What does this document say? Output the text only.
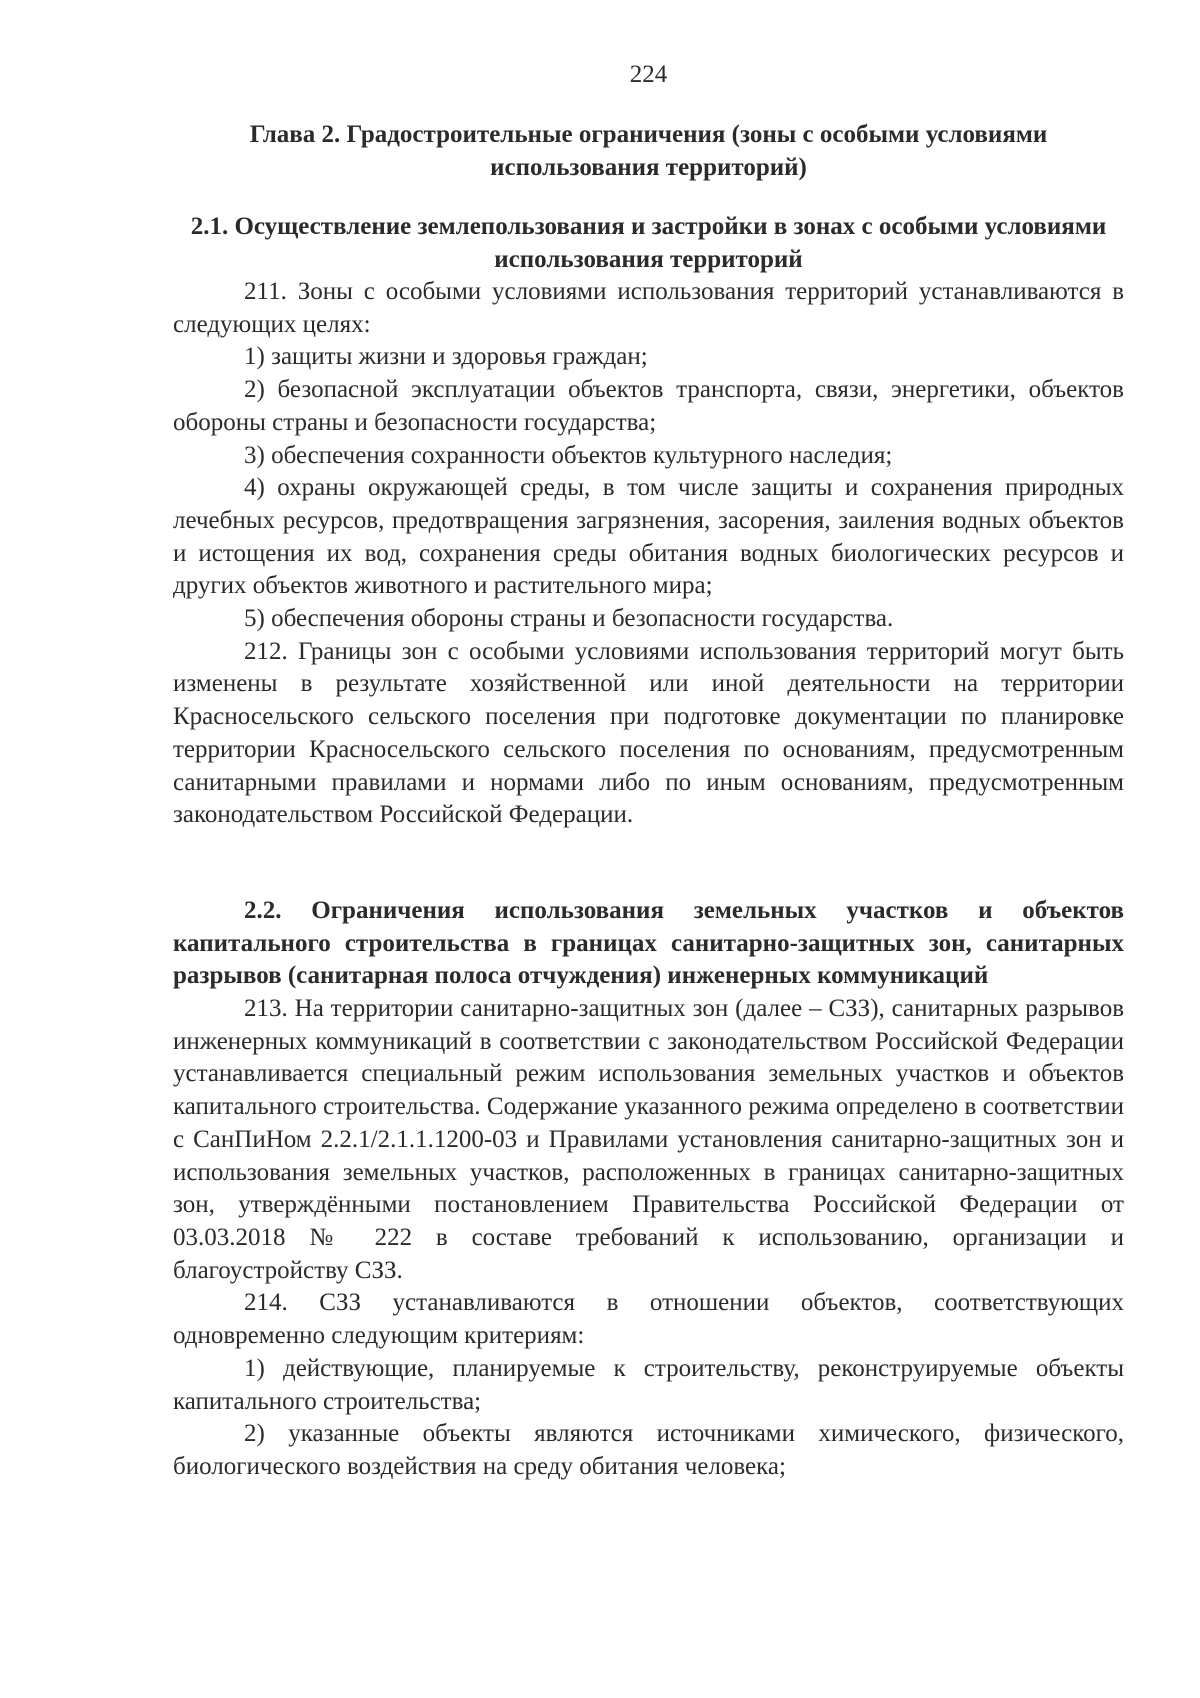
224
Глава 2. Градостроительные ограничения (зоны с особыми условиями использования территорий)
2.1. Осуществление землепользования и застройки в зонах с особыми условиями использования территорий

211. Зоны с особыми условиями использования территорий устанавливаются в следующих целях:

1) защиты жизни и здоровья граждан;

2) безопасной эксплуатации объектов транспорта, связи, энергетики, объектов обороны страны и безопасности государства;

3) обеспечения сохранности объектов культурного наследия;

4) охраны окружающей среды, в том числе защиты и сохранения природных лечебных ресурсов, предотвращения загрязнения, засорения, заиления водных объектов и истощения их вод, сохранения среды обитания водных биологических ресурсов и других объектов животного и растительного мира;

5) обеспечения обороны страны и безопасности государства.

212. Границы зон с особыми условиями использования территорий могут быть изменены в результате хозяйственной или иной деятельности на территории Красносельского сельского поселения при подготовке документации по планировке территории Красносельского сельского поселения по основаниям, предусмотренным санитарными правилами и нормами либо по иным основаниям, предусмотренным законодательством Российской Федерации.

2.2. Ограничения использования земельных участков и объектов капитального строительства в границах санитарно-защитных зон, санитарных разрывов (санитарная полоса отчуждения) инженерных коммуникаций

213. На территории санитарно-защитных зон (далее – СЗЗ), санитарных разрывов инженерных коммуникаций в соответствии с законодательством Российской Федерации устанавливается специальный режим использования земельных участков и объектов капитального строительства. Содержание указанного режима определено в соответствии с СанПиНом 2.2.1/2.1.1.1200-03 и Правилами установления санитарно-защитных зон и использования земельных участков, расположенных в границах санитарно-защитных зон, утверждёнными постановлением Правительства Российской Федерации от 03.03.2018 № 222 в составе требований к использованию, организации и благоустройству СЗЗ.

214. СЗЗ устанавливаются в отношении объектов, соответствующих одновременно следующим критериям:

1) действующие, планируемые к строительству, реконструируемые объекты капитального строительства;

2) указанные объекты являются источниками химического, физического, биологического воздействия на среду обитания человека;
